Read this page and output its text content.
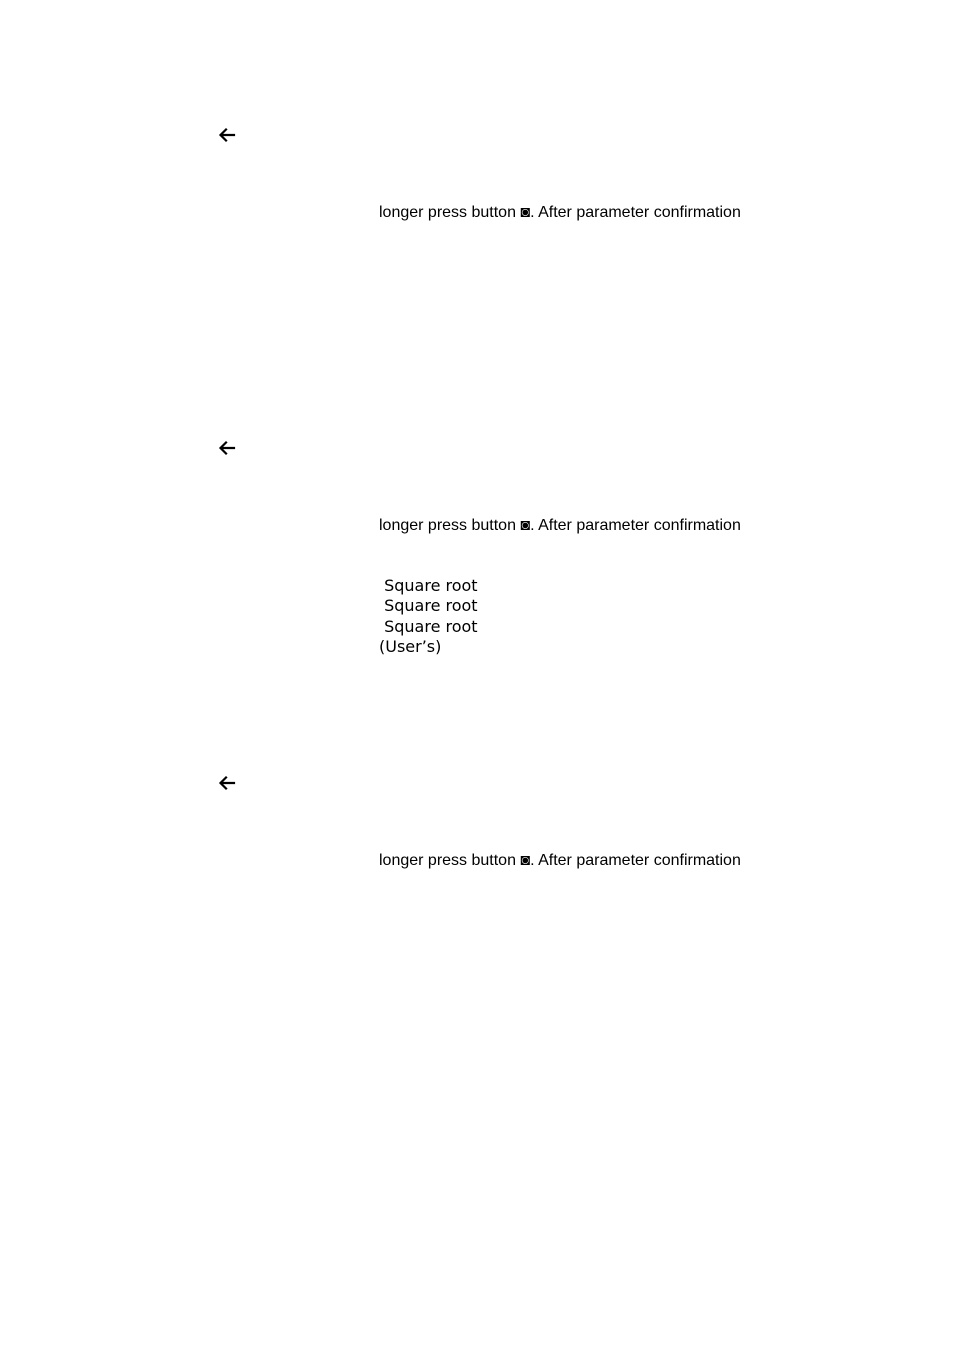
longer press button ◙. After parameter confirmation
longer press button ◙. After parameter confirmation
Square root
Square root
Square root
(User’s)
longer press button ◙. After parameter confirmation
